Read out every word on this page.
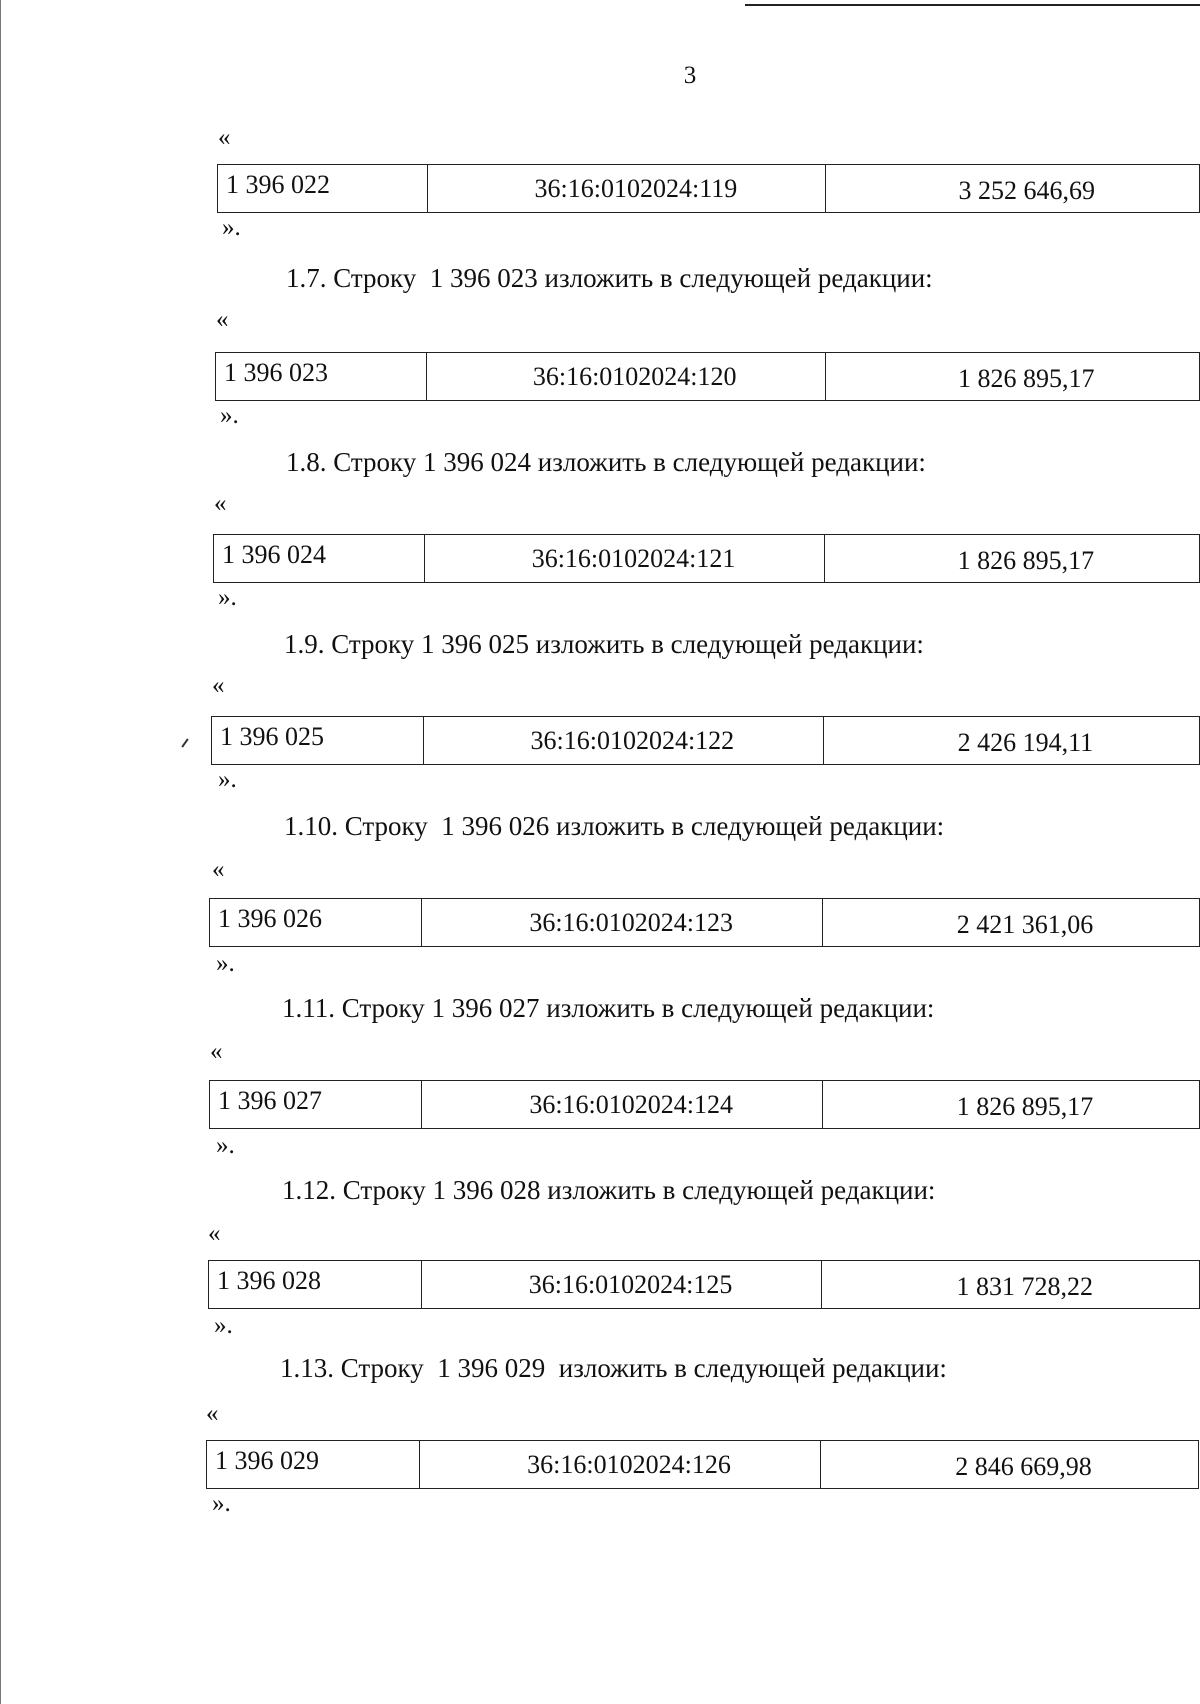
3
«
1 396 022	36:16:0102024:119	3 252 646,69
».
1.7. Строку  1 396 023 изложить в следующей редакции:
«
1 396 023	36:16:0102024:120	1 826 895,17
».
1.8. Строку 1 396 024 изложить в следующей редакции:
«
1 396 024	36:16:0102024:121	1 826 895,17
».
1.9. Строку 1 396 025 изложить в следующей редакции:
«
1 396 025	36:16:0102024:122	2 426 194,11
».
1.10. Строку  1 396 026 изложить в следующей редакции:
«
1 396 026	36:16:0102024:123	2 421 361,06
».
1.11. Строку 1 396 027 изложить в следующей редакции:
«
1 396 027	36:16:0102024:124	1 826 895,17
».
1.12. Строку 1 396 028 изложить в следующей редакции:
«
1 396 028	36:16:0102024:125	1 831 728,22
».
1.13. Строку  1 396 029  изложить в следующей редакции:
«
1 396 029	36:16:0102024:126	2 846 669,98
».
